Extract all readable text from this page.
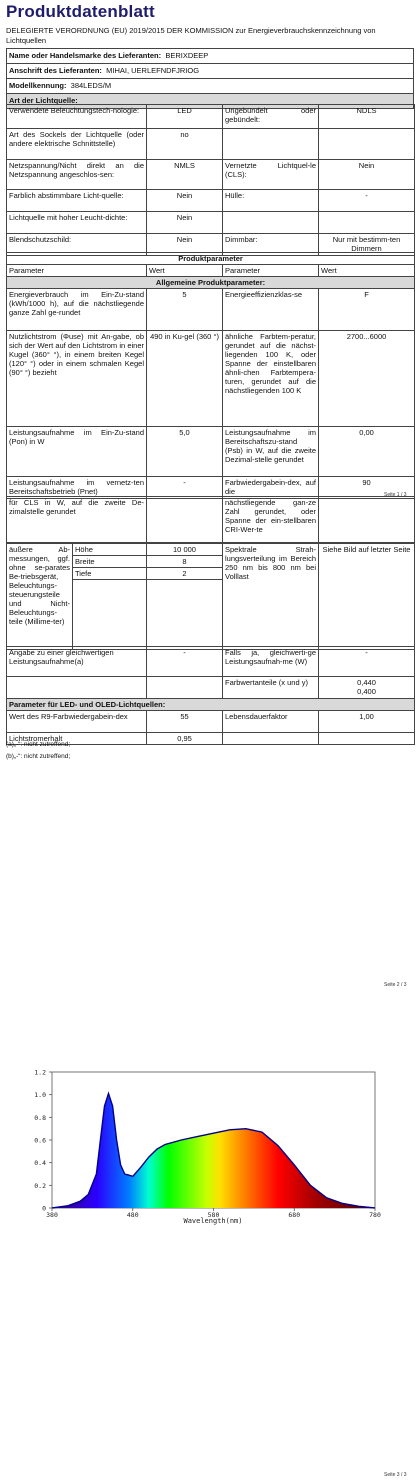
Produktdatenblatt
DELEGIERTE VERORDNUNG (EU) 2019/2015 DER KOMMISSION zur Energieverbrauchskennzeichnung von Lichtquellen
Name oder Handelsmarke des Lieferanten: BERIXDEEP
Anschrift des Lieferanten: MIHAI, UERLEFNDFJRIOG
Modellkennung: 384LEDS/M
Art der Lichtquelle:
Verwendete Beleuchtungstech-nologie:	LED	Ungebündelt oder gebündelt:	NDLS
Art des Sockels der Lichtquelle (oder andere elektrische Schnittstelle)	no		
Netzspannung/Nicht direkt an die Netzspannung angeschlos-sen:	NMLS	Vernetzte Lichtquel-le (CLS):	Nein
Farblich abstimmbare Licht-quelle:	Nein	Hülle:	-
Lichtquelle mit hoher Leucht-dichte:	Nein		
Blendschutzschild:	Nein	Dimmbar:	Nur mit bestimm-ten Dimmern
Produktparameter			
Parameter	Wert	Parameter	Wert
Allgemeine Produktparameter:			
Energieverbrauch im Ein-Zu-stand (kWh/1000 h), auf die nächstliegende ganze Zahl ge-rundet	5	Energieeffizienzklas-se	F
Nutzlichtstrom (Φuse) mit An-gabe, ob sich der Wert auf den Lichtstrom in einer Kugel (360° °), in einem breiten Kegel (120° °) oder in einem schmalen Kegel (90° °) bezieht	490 in Ku-gel (360 °)	ähnliche Farbtem-peratur, gerundet auf die nächst-liegenden 100 K, oder Spanne der einstellbaren ähnli-chen Farbtempera-turen, gerundet auf die nächstliegenden 100 K	2700...6000
Leistungsaufnahme im Ein-Zu-stand (Pon) in W	5,0	Leistungsaufnahme im Bereitschaftszu-stand (Psb) in W, auf die zweite Dezimal-stelle gerundet	0,00
Leistungsaufnahme im vernetz-ten Bereitschaftsbetrieb (Pnet)	-	Farbwiedergabein-dex, auf die	90
Seite 1 / 3
für CLS in W, auf die zweite De-zimalstelle gerundet		nächstliegende gan-ze Zahl gerundet, oder Spanne der ein-stellbaren CRI-Wer-te	
äußere Ab-messungen, ggf. ohne se-parates Be-triebsgerät, Beleuchtungs-steuerungsteile und Nicht-Beleuchtungs-teile (Millime-ter)	Höhe	10 000	Spektrale Strah-lungsverteilung im Bereich 250 nm bis 800 nm bei Volllast	Siehe Bild auf letzter Seite
	Breite	8		
	Tiefe	2		

Angabe zu einer gleichwertigen Leistungsaufnahme(a)	-	Falls ja, gleichwerti-ge Leistungsaufnah-me (W)	-
		Farbwertanteile (x und y)	0,440
0,400

Parameter für LED- und OLED-Lichtquellen:			
Wert des R9-Farbwiedergabein-dex	55	Lebensdauerfaktor	1,00
Lichtstromerhalt	0,95		
(a)„-“: nicht zutreffend;
(b)„-“: nicht zutreffend;
Seite 2 / 3
0
0.2
0.4
0.6
0.8
1.0
1.2
380	480	580	680	780
Wavelength(nm)
Seite 3 / 3
